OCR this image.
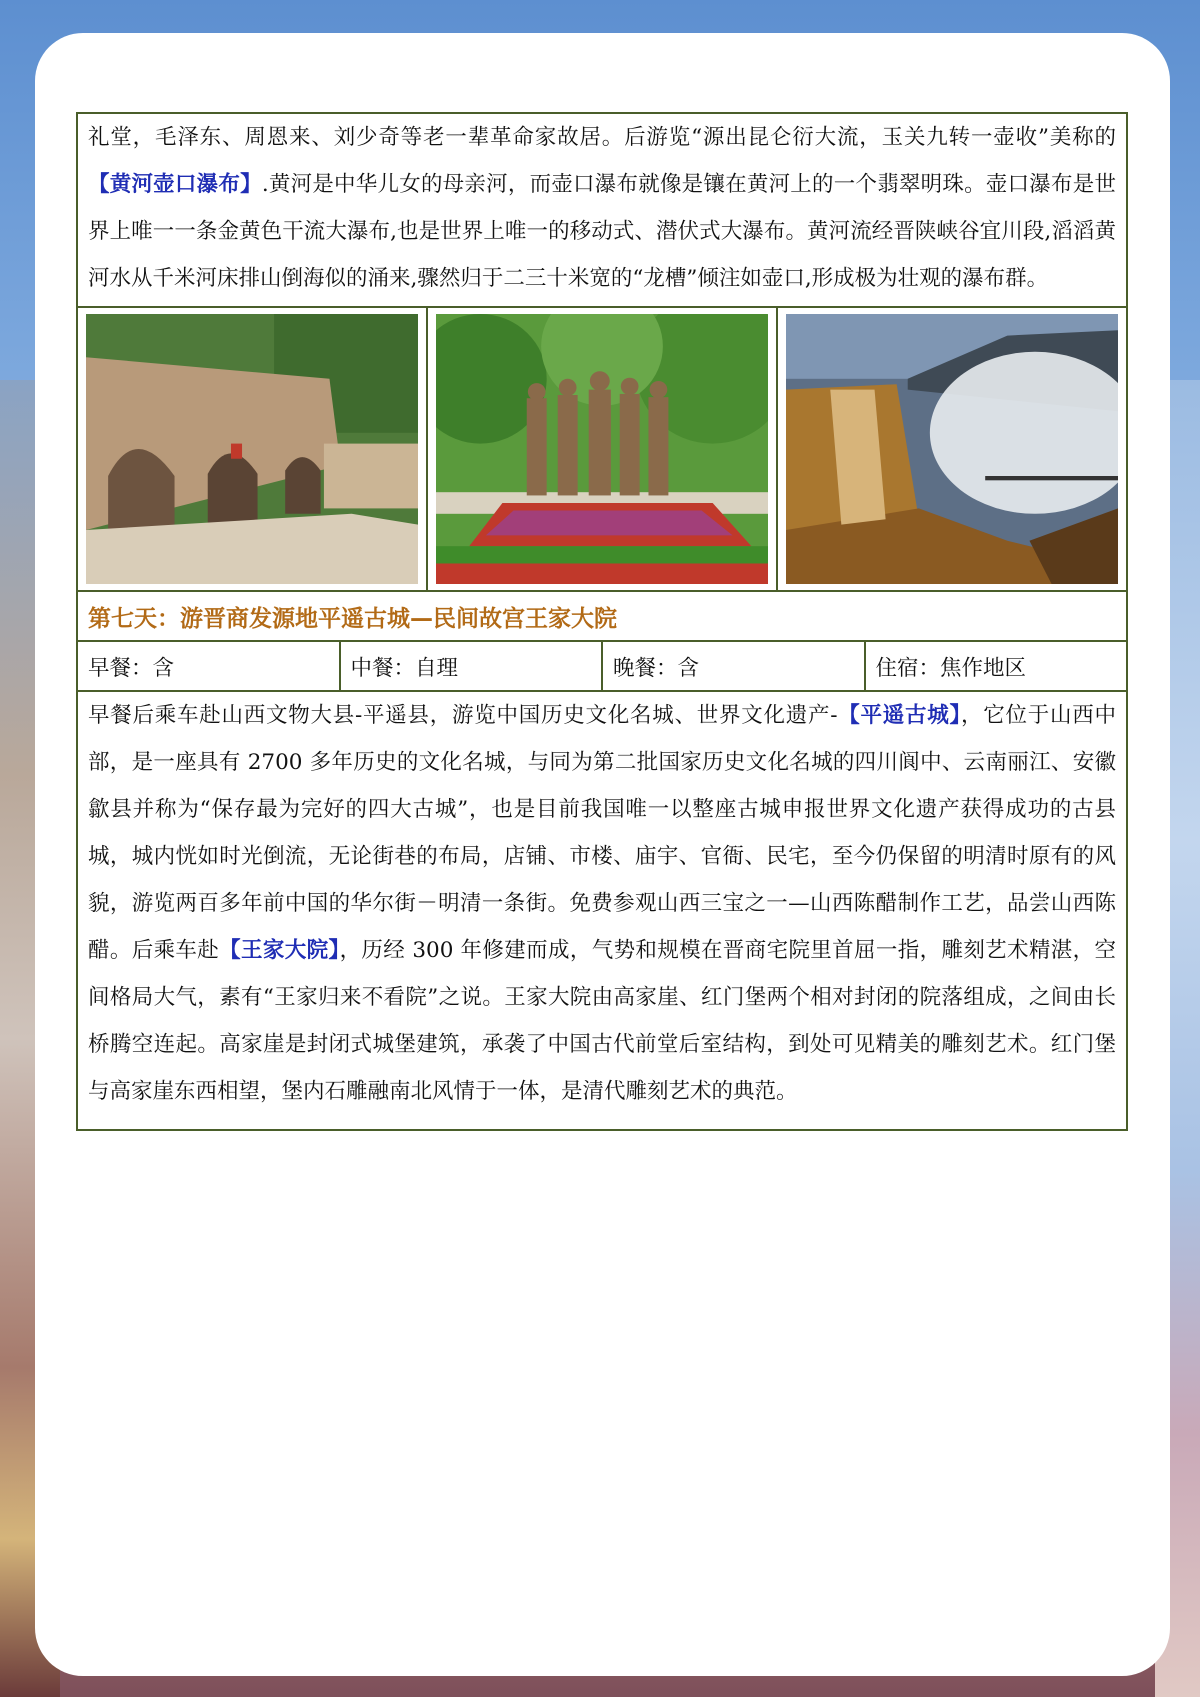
礼堂，毛泽东、周恩来、刘少奇等老一辈革命家故居。后游览“源出昆仑衍大流，玉关九转一壶收”美称的【黄河壶口瀑布】.黄河是中华儿女的母亲河，而壶口瀑布就像是镶在黄河上的一个翡翠明珠。壶口瀑布是世界上唯一一条金黄色干流大瀑布,也是世界上唯一的移动式、潜伏式大瀑布。黄河流经晋陕峡谷宜川段,滔滔黄河水从千米河床排山倒海似的涌来,骤然归于二三十米宽的“龙槽”倾注如壶口,形成极为壮观的瀑布群。
第七天：游晋商发源地平遥古城—民间故宫王家大院
早餐：含	中餐：自理	晚餐：含	住宿：焦作地区
早餐后乘车赴山西文物大县-平遥县，游览中国历史文化名城、世界文化遗产-【平遥古城】，它位于山西中部，是一座具有 2700 多年历史的文化名城，与同为第二批国家历史文化名城的四川阆中、云南丽江、安徽歙县并称为“保存最为完好的四大古城”，也是目前我国唯一以整座古城申报世界文化遗产获得成功的古县城，城内恍如时光倒流，无论街巷的布局，店铺、市楼、庙宇、官衙、民宅，至今仍保留的明清时原有的风貌，游览两百多年前中国的华尔街－明清一条街。免费参观山西三宝之一—山西陈醋制作工艺，品尝山西陈醋。后乘车赴【王家大院】，历经 300 年修建而成，气势和规模在晋商宅院里首屈一指，雕刻艺术精湛，空间格局大气，素有“王家归来不看院”之说。王家大院由高家崖、红门堡两个相对封闭的院落组成，之间由长桥腾空连起。高家崖是封闭式城堡建筑，承袭了中国古代前堂后室结构，到处可见精美的雕刻艺术。红门堡与高家崖东西相望，堡内石雕融南北风情于一体，是清代雕刻艺术的典范。
